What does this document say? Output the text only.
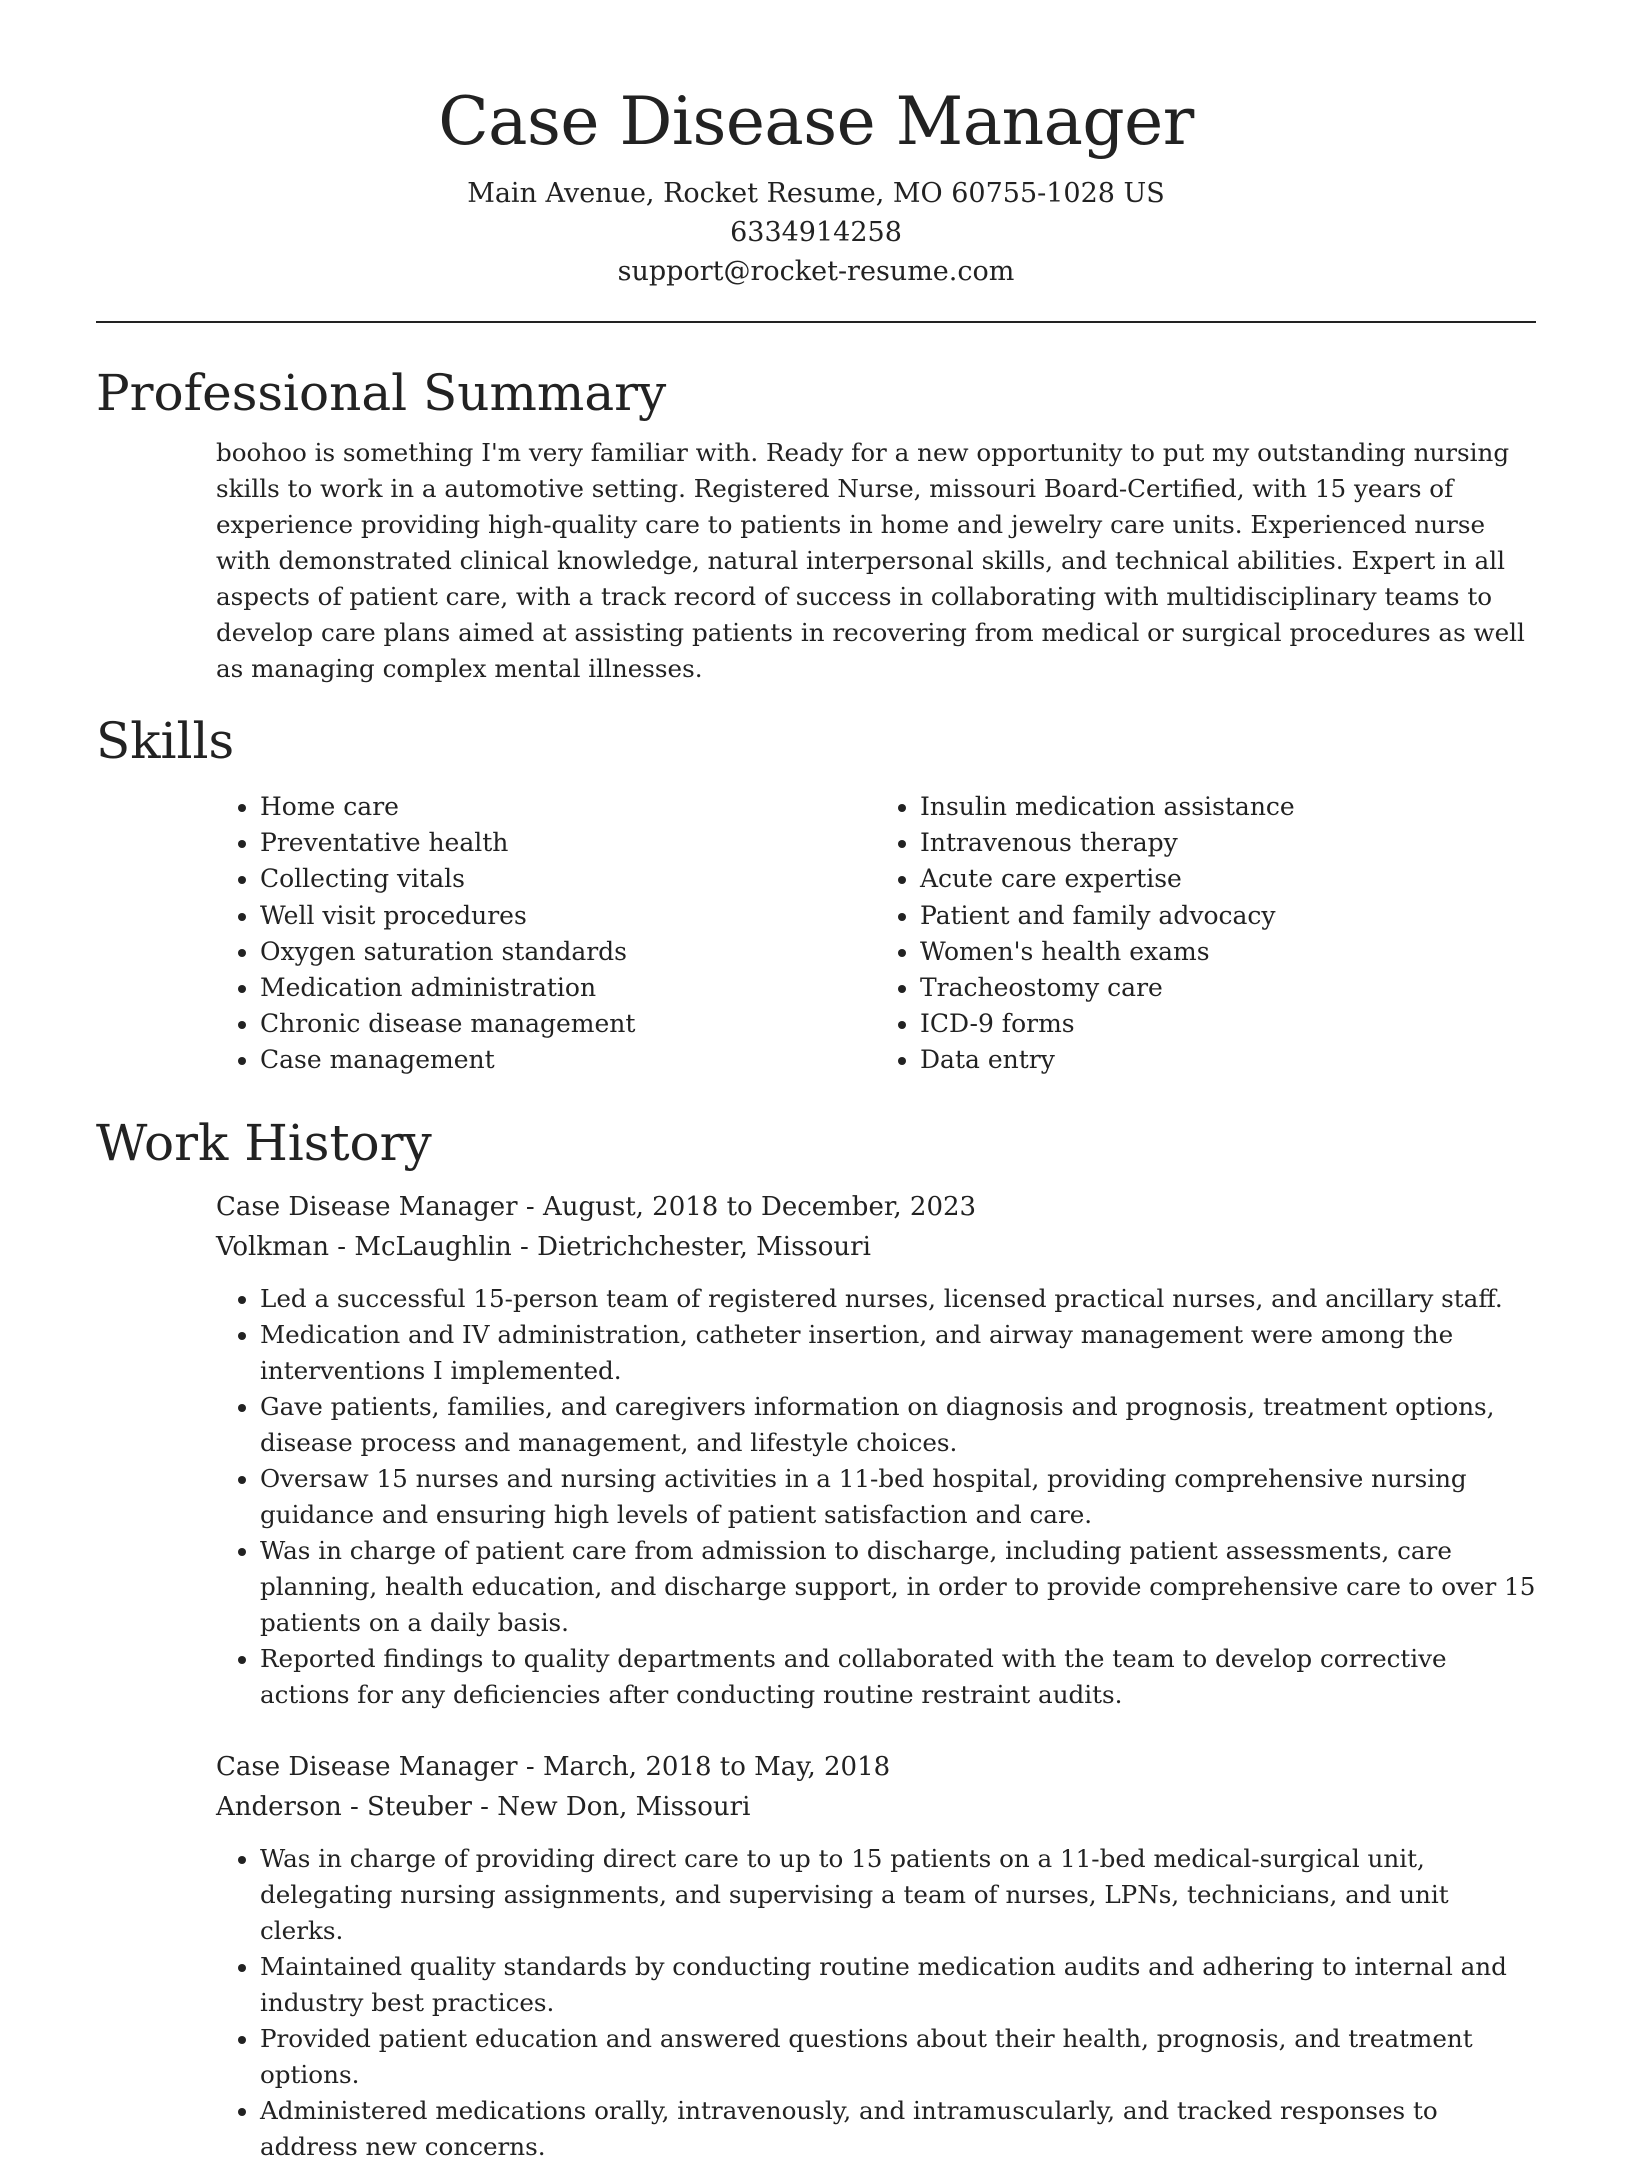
Case Disease Manager
Main Avenue, Rocket Resume, MO 60755-1028 US
6334914258
support@rocket-resume.com
Professional Summary

boohoo is something I'm very familiar with. Ready for a new opportunity to put my outstanding nursing skills to work in a automotive setting. Registered Nurse, missouri Board-Certified, with 15 years of experience providing high-quality care to patients in home and jewelry care units. Experienced nurse with demonstrated clinical knowledge, natural interpersonal skills, and technical abilities. Expert in all aspects of patient care, with a track record of success in collaborating with multidisciplinary teams to develop care plans aimed at assisting patients in recovering from medical or surgical procedures as well as managing complex mental illnesses.

Skills
• Home care
• Preventative health
• Collecting vitals
• Well visit procedures
• Oxygen saturation standards
• Medication administration
• Chronic disease management
• Case management
• Insulin medication assistance
• Intravenous therapy
• Acute care expertise
• Patient and family advocacy
• Women's health exams
• Tracheostomy care
• ICD-9 forms
• Data entry
Work History
Case Disease Manager - August, 2018 to December, 2023
Volkman - McLaughlin - Dietrichchester, Missouri
• Led a successful 15-person team of registered nurses, licensed practical nurses, and ancillary staff.
• Medication and IV administration, catheter insertion, and airway management were among the interventions I implemented.
• Gave patients, families, and caregivers information on diagnosis and prognosis, treatment options, disease process and management, and lifestyle choices.
• Oversaw 15 nurses and nursing activities in a 11-bed hospital, providing comprehensive nursing guidance and ensuring high levels of patient satisfaction and care.
• Was in charge of patient care from admission to discharge, including patient assessments, care planning, health education, and discharge support, in order to provide comprehensive care to over 15 patients on a daily basis.
• Reported findings to quality departments and collaborated with the team to develop corrective actions for any deficiencies after conducting routine restraint audits.
Case Disease Manager - March, 2018 to May, 2018
Anderson - Steuber - New Don, Missouri
• Was in charge of providing direct care to up to 15 patients on a 11-bed medical-surgical unit, delegating nursing assignments, and supervising a team of nurses, LPNs, technicians, and unit clerks.
• Maintained quality standards by conducting routine medication audits and adhering to internal and industry best practices.
• Provided patient education and answered questions about their health, prognosis, and treatment options.
• Administered medications orally, intravenously, and intramuscularly, and tracked responses to address new concerns.
